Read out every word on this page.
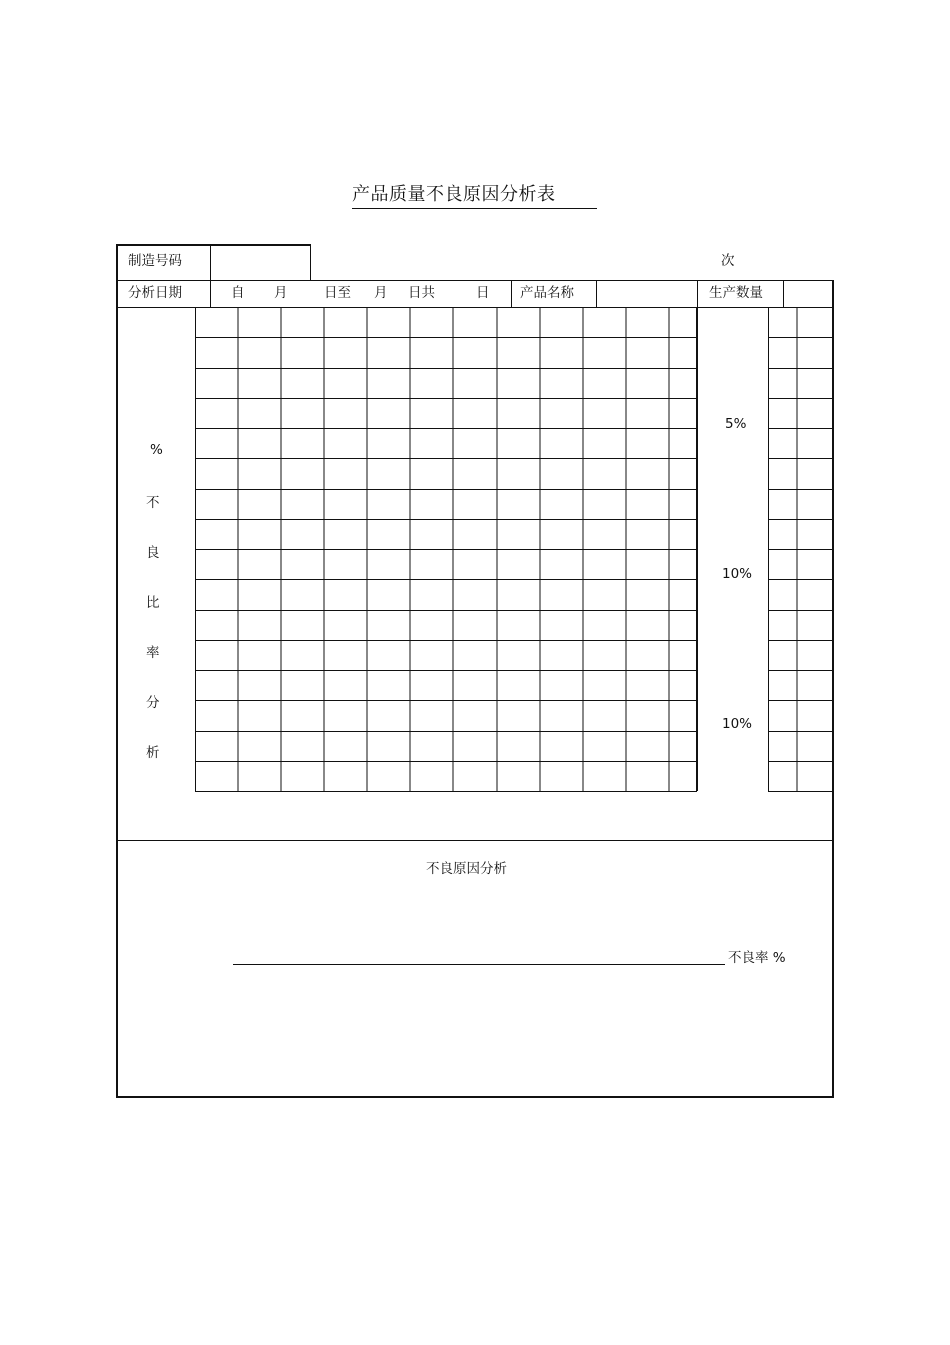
产品质量不良原因分析表
制造号码	次
分析日期	自 月	日至 月 日共	日 产品名称	生产数量
%
不
良
比
率
分
析
5%
10%
10%
不良原因分析
不良率 %
